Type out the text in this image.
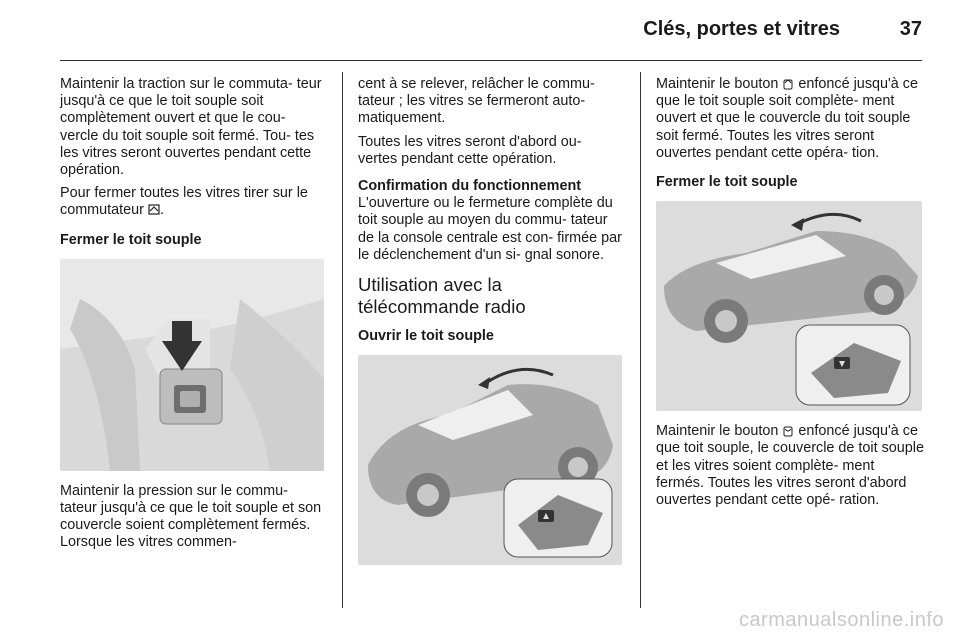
Clés, portes et vitres	37

Maintenir la traction sur le commuta- teur jusqu'à ce que le toit souple soit complètement ouvert et que le cou- vercle du toit souple soit fermé. Tou- tes les vitres seront ouvertes pendant cette opération.

Pour fermer toutes les vitres tirer sur le commutateur .

Fermer le toit souple

Maintenir la pression sur le commu- tateur jusqu'à ce que le toit souple et son couvercle soient complètement fermés. Lorsque les vitres commen-

cent à se relever, relâcher le commu- tateur ; les vitres se fermeront auto- matiquement.

Toutes les vitres seront d'abord ou- vertes pendant cette opération.

Confirmation du fonctionnement

L'ouverture ou le fermeture complète du toit souple au moyen du commu- tateur de la console centrale est con- firmée par le déclenchement d'un si- gnal sonore.

Utilisation avec la télécommande radio
Ouvrir le toit souple

Maintenir le bouton enfoncé jusqu'à ce que le toit souple soit complète- ment ouvert et que le couvercle du toit souple soit fermé. Toutes les vitres seront ouvertes pendant cette opéra- tion.

Fermer le toit souple

Maintenir le bouton enfoncé jusqu'à ce que toit souple, le couvercle de toit souple et les vitres soient complète- ment fermés. Toutes les vitres seront d'abord ouvertes pendant cette opé- ration.

carmanualsonline.info
